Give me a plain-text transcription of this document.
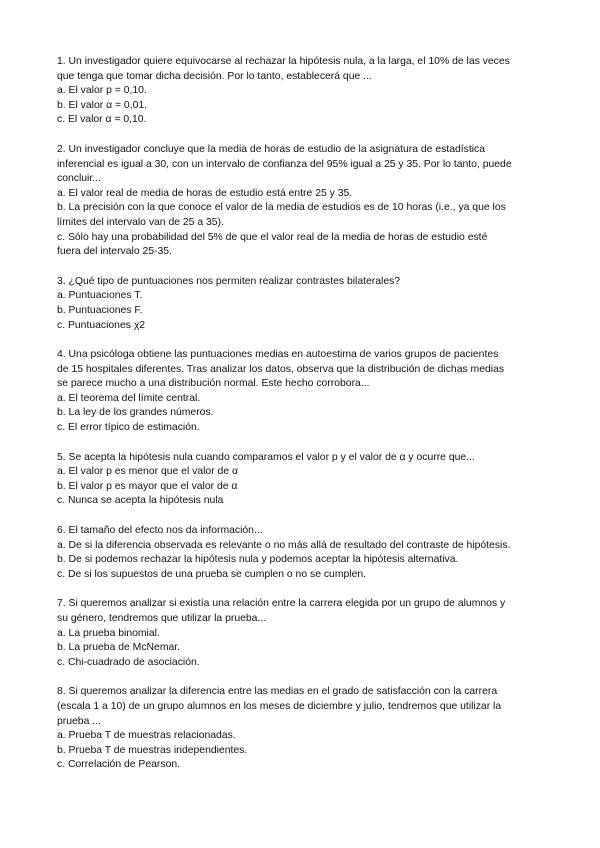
1. Un investigador quiere equivocarse al rechazar la hipótesis nula, a la larga, el 10% de las veces
que tenga que tomar dicha decisión. Por lo tanto, establecerá que ...
a. El valor p = 0,10.
b. El valor α = 0,01.
c. El valor α = 0,10.
2. Un investigador concluye que la media de horas de estudio de la asignatura de estadística
inferencial es igual a 30, con un intervalo de confianza del 95% igual a 25 y 35. Por lo tanto, puede
concluir...
a. El valor real de media de horas de estudio está entre 25 y 35.
b. La precisión con la que conoce el valor de la media de estudios es de 10 horas (i.e., ya que los
límites del intervalo van de 25 a 35).
c. Sólo hay una probabilidad del 5% de que el valor real de la media de horas de estudio esté
fuera del intervalo 25-35.
3. ¿Qué tipo de puntuaciones nos permiten realizar contrastes bilaterales?
a. Puntuaciones T.
b. Puntuaciones F.
c. Puntuaciones χ2
4. Una psicóloga obtiene las puntuaciones medias en autoestima de varios grupos de pacientes
de 15 hospitales diferentes. Tras analizar los datos, observa que la distribución de dichas medias
se parece mucho a una distribución normal. Este hecho corrobora...
a. El teorema del límite central.
b. La ley de los grandes números.
c. El error típico de estimación.
5. Se acepta la hipótesis nula cuando comparamos el valor p y el valor de α y ocurre que...
a. El valor p es menor que el valor de α
b. El valor p es mayor que el valor de α
c. Nunca se acepta la hipótesis nula
6. El tamaño del efecto nos da información...
a. De si la diferencia observada es relevante o no más allá de resultado del contraste de hipótesis.
b. De si podemos rechazar la hipótesis nula y podemos aceptar la hipótesis alternativa.
c. De si los supuestos de una prueba se cumplen o no se cumplen.
7. Si queremos analizar si existía una relación entre la carrera elegida por un grupo de alumnos y
su género, tendremos que utilizar la prueba...
a. La prueba binomial.
b. La prueba de McNemar.
c. Chi-cuadrado de asociación.
8. Si queremos analizar la diferencia entre las medias en el grado de satisfacción con la carrera
(escala 1 a 10) de un grupo alumnos en los meses de diciembre y julio, tendremos que utilizar la
prueba ...
a. Prueba T de muestras relacionadas.
b. Prueba T de muestras independientes.
c. Correlación de Pearson.
